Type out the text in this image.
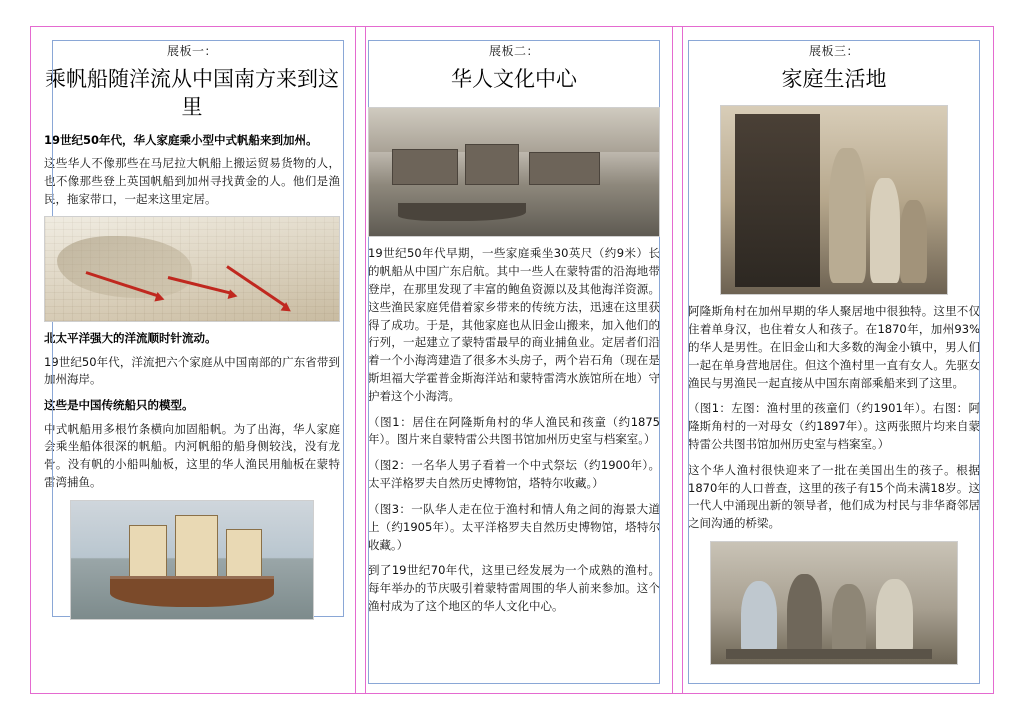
展板一：
乘帆船随洋流从中国南方来到这里
19世纪50年代，华人家庭乘小型中式帆船来到加州。

这些华人不像那些在马尼拉大帆船上搬运贸易货物的人，也不像那些登上英国帆船到加州寻找黄金的人。他们是渔民，拖家带口，一起来这里定居。

北太平洋强大的洋流顺时针流动。

19世纪50年代，洋流把六个家庭从中国南部的广东省带到加州海岸。

这些是中国传统船只的模型。

中式帆船用多根竹条横向加固船帆。为了出海，华人家庭会乘坐船体很深的帆船。内河帆船的船身侧较浅，没有龙骨。没有帆的小船叫舢板，这里的华人渔民用舢板在蒙特雷湾捕鱼。

展板二：
华人文化中心

19世纪50年代早期，一些家庭乘坐30英尺（约9米）长的帆船从中国广东启航。其中一些人在蒙特雷的沿海地带登岸，在那里发现了丰富的鲍鱼资源以及其他海洋资源。这些渔民家庭凭借着家乡带来的传统方法，迅速在这里获得了成功。于是，其他家庭也从旧金山搬来，加入他们的行列，一起建立了蒙特雷最早的商业捕鱼业。定居者们沿着一个小海湾建造了很多木头房子，两个岩石角（现在是斯坦福大学霍普金斯海洋站和蒙特雷湾水族馆所在地）守护着这个小海湾。

（图1：居住在阿隆斯角村的华人渔民和孩童（约1875年）。图片来自蒙特雷公共图书馆加州历史室与档案室。）

（图2：一名华人男子看着一个中式祭坛（约1900年）。太平洋格罗夫自然历史博物馆，塔特尔收藏。）

（图3：一队华人走在位于渔村和情人角之间的海景大道上（约1905年）。太平洋格罗夫自然历史博物馆，塔特尔收藏。）

到了19世纪70年代，这里已经发展为一个成熟的渔村。每年举办的节庆吸引着蒙特雷周围的华人前来参加。这个渔村成为了这个地区的华人文化中心。

展板三：
家庭生活地

阿隆斯角村在加州早期的华人聚居地中很独特。这里不仅住着单身汉，也住着女人和孩子。在1870年，加州93%的华人是男性。在旧金山和大多数的淘金小镇中，男人们一起在单身营地居住。但这个渔村里一直有女人。先驱女渔民与男渔民一起直接从中国东南部乘船来到了这里。

（图1：左图：渔村里的孩童们（约1901年）。右图：阿隆斯角村的一对母女（约1897年）。这两张照片均来自蒙特雷公共图书馆加州历史室与档案室。）

这个华人渔村很快迎来了一批在美国出生的孩子。根据1870年的人口普查，这里的孩子有15个尚未满18岁。这一代人中涌现出新的领导者，他们成为村民与非华裔邻居之间沟通的桥梁。
